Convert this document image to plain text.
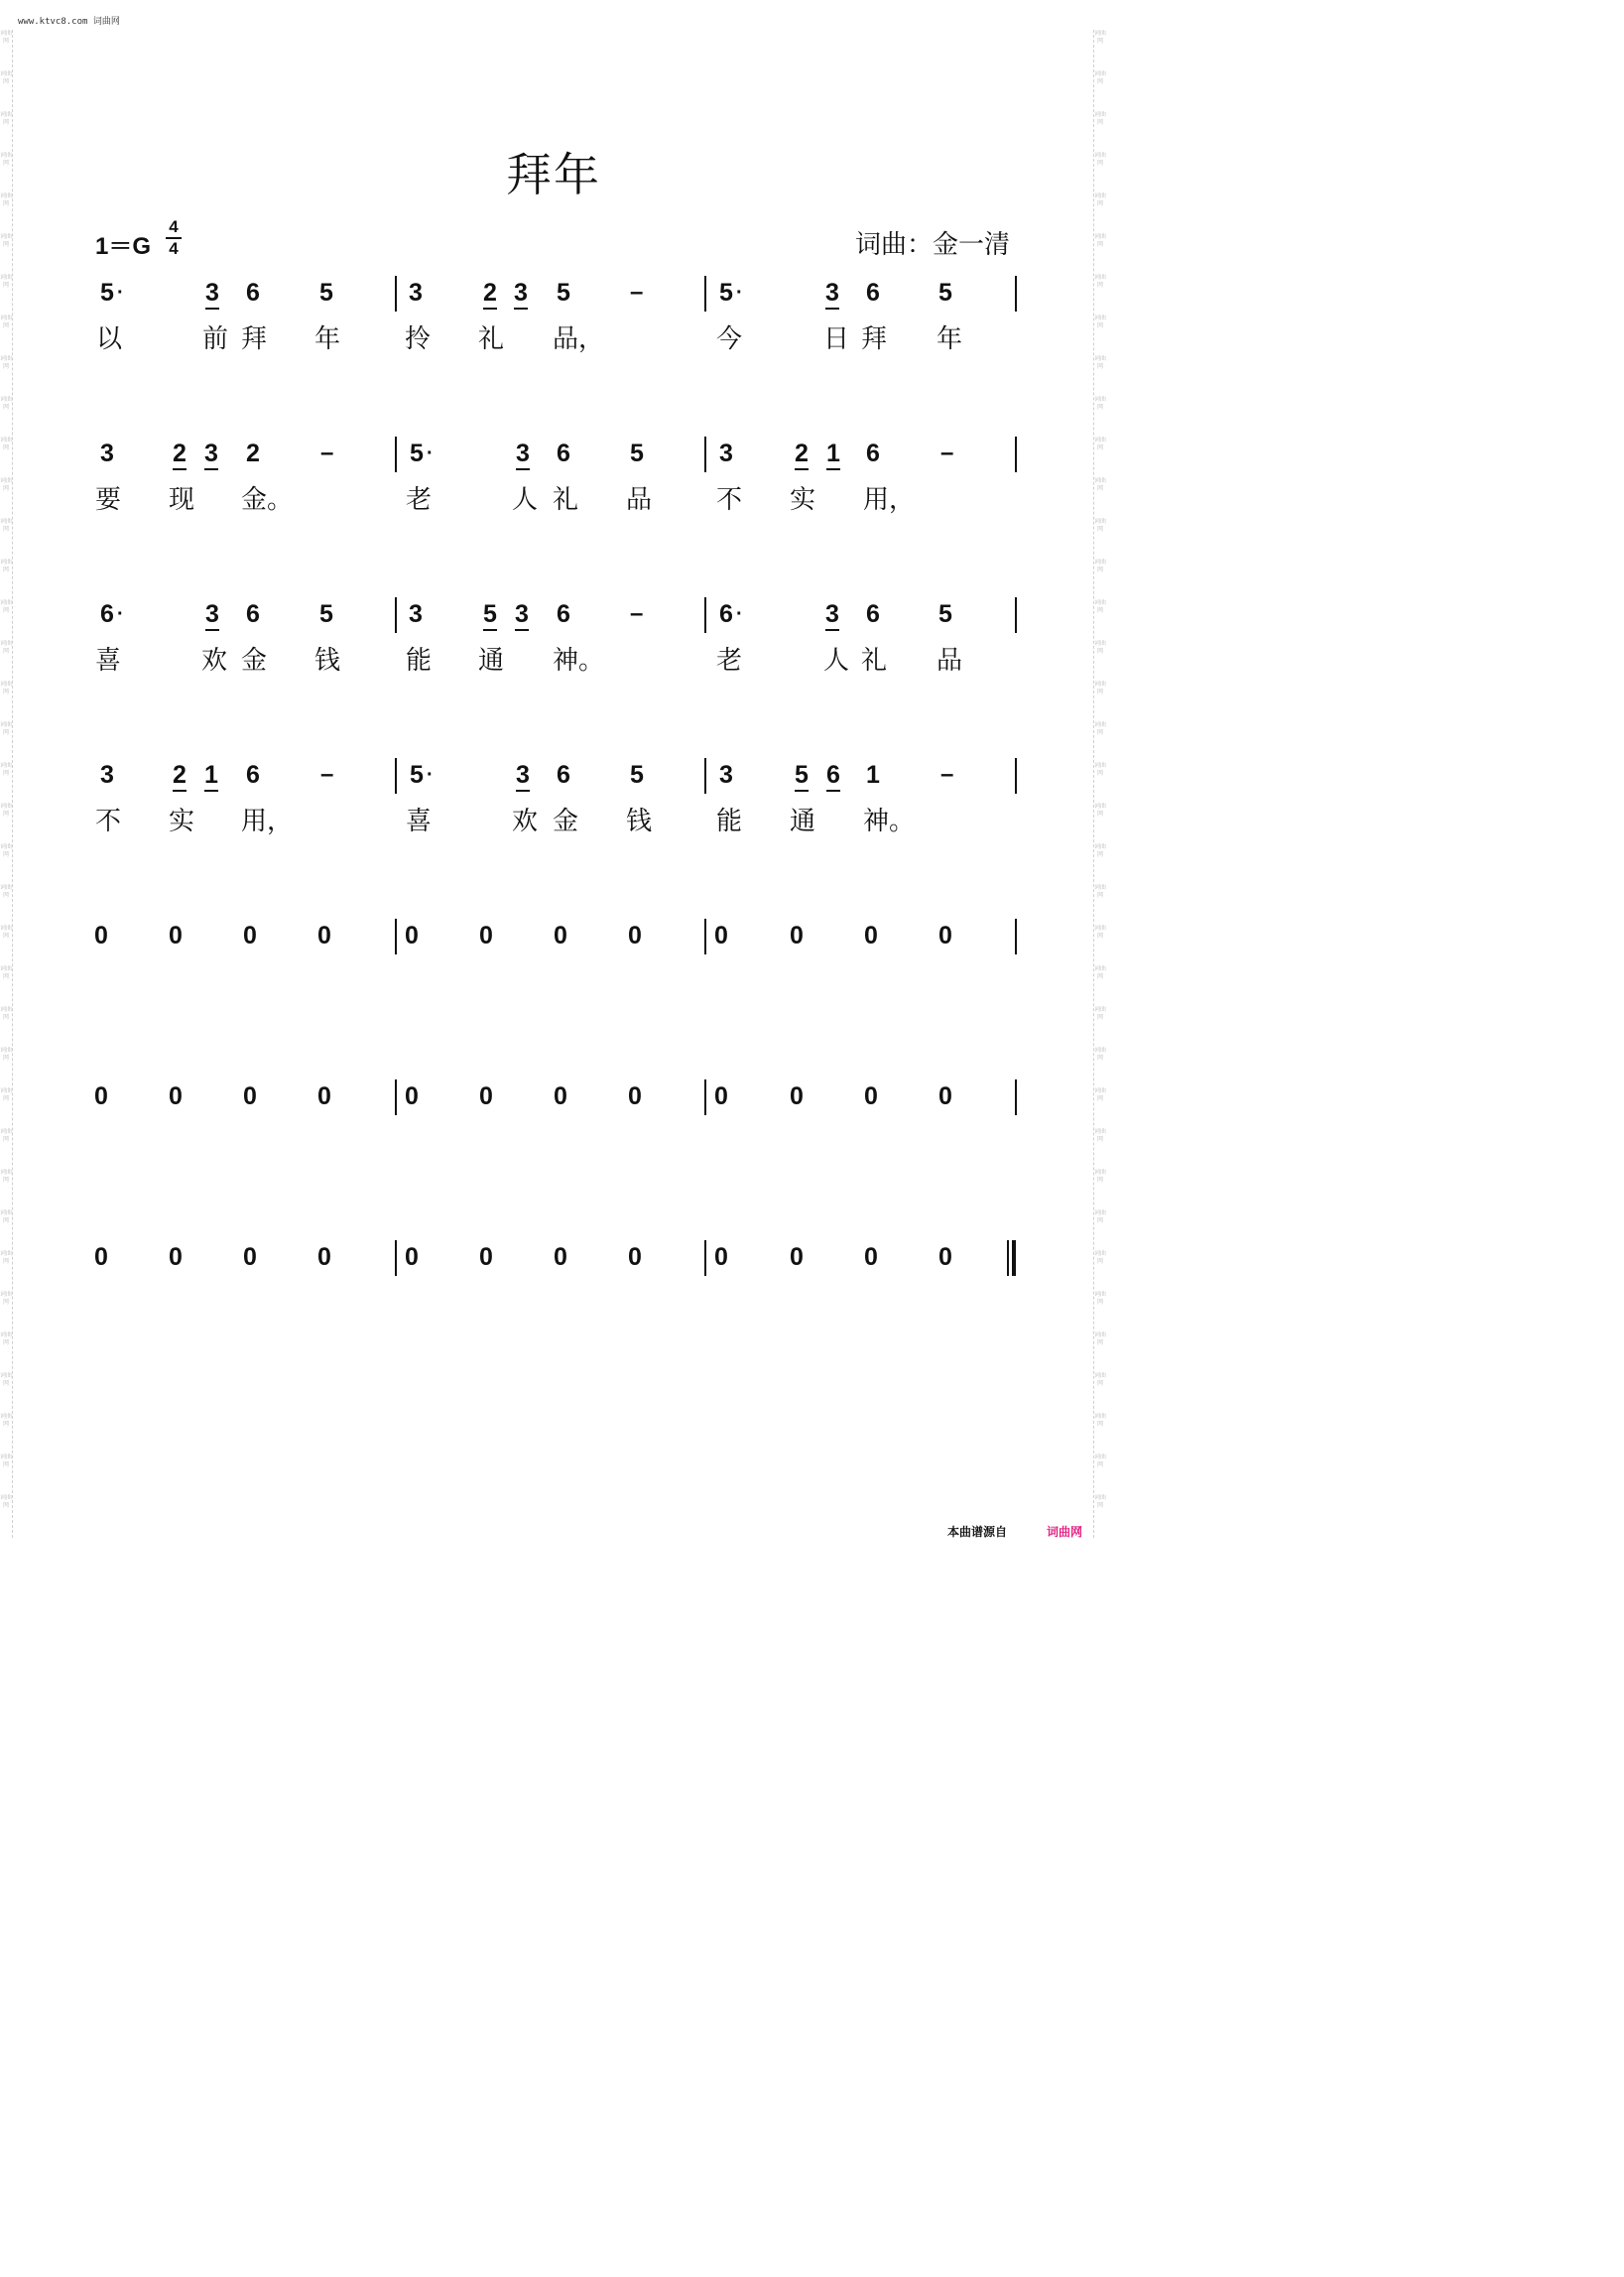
词曲网
词曲网
词曲网
词曲网
词曲网
词曲网
词曲网
词曲网
词曲网
词曲网
词曲网
词曲网
词曲网
词曲网
词曲网
词曲网
词曲网
词曲网
词曲网
词曲网
词曲网
词曲网
词曲网
词曲网
词曲网
词曲网
词曲网
词曲网
词曲网
词曲网
词曲网
词曲网
词曲网
词曲网
词曲网
词曲网
词曲网
词曲网
词曲网
词曲网
词曲网
词曲网
词曲网
词曲网
词曲网
词曲网
词曲网
词曲网
词曲网
词曲网
词曲网
词曲网
词曲网
词曲网
词曲网
词曲网
词曲网
词曲网
词曲网
词曲网
词曲网
词曲网
词曲网
词曲网
词曲网
词曲网
词曲网
词曲网
词曲网
词曲网
词曲网
词曲网
词曲网
词曲网
www.ktvc8.com 词曲网
拜年
1＝G
4
4	词曲：金一清
5 ·	3 6 5	3 2 3 5	–	5 ·	3 6 5
以	前 拜 年 拎 礼 品，	今	日 拜 年
3 2 3 2	–	5 ·	3 6 5	3 2 1 6	–
要 现 金。	老	人 礼 品 不 实 用，
6 ·	3 6 5	3 5 3 6	–	6 ·	3 6 5
喜	欢 金 钱	能 通 神。	老	人 礼 品
3 2 1 6	–	5 ·	3 6 5	3 5 6 1	–
不 实 用，	喜	欢 金 钱 能 通 神。
0 0 0 0	0 0 0 0	0 0 0 0
0 0 0 0	0 0 0 0	0 0 0 0
0 0 0 0	0 0 0 0	0 0 0 0
本曲谱源自	词曲网
